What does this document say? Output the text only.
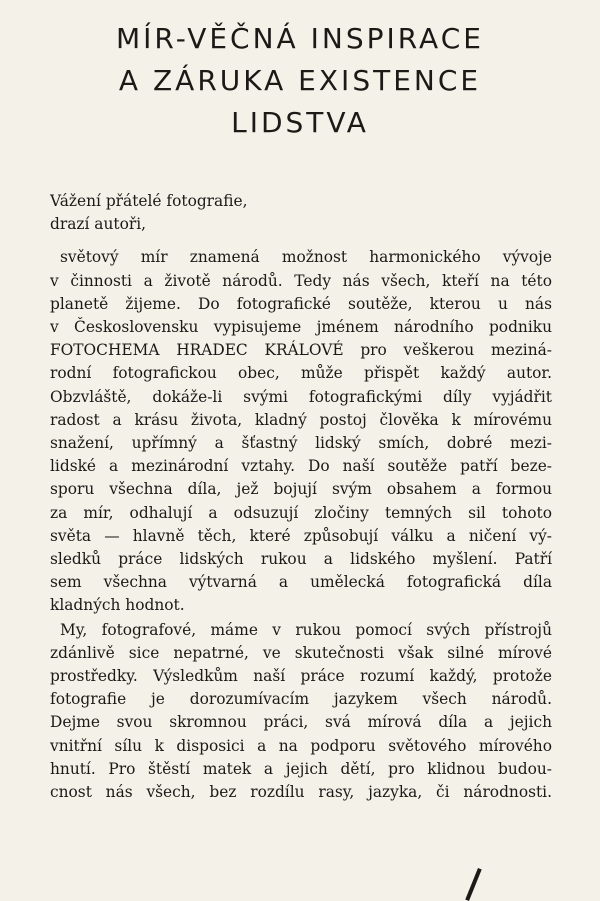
MÍR-VĚČNÁ INSPIRACE
A ZÁRUKA EXISTENCE
LIDSTVA

Vážení přátelé fotografie,

drazí autoři,

světový mír znamená možnost harmonického vývoje
v činnosti a životě národů. Tedy nás všech, kteří na této
planetě žijeme. Do fotografické soutěže, kterou u nás
v Československu vypisujeme jménem národního podniku
FOTOCHEMA HRADEC KRÁLOVÉ pro veškerou meziná-
rodní fotografickou obec, může přispět každý autor.
Obzvláště, dokáže-li svými fotografickými díly vyjádřit
radost a krásu života, kladný postoj člověka k mírovému
snažení, upřímný a šťastný lidský smích, dobré mezi-
lidské a mezinárodní vztahy. Do naší soutěže patří beze-
sporu všechna díla, jež bojují svým obsahem a formou
za mír, odhalují a odsuzují zločiny temných sil tohoto
světa — hlavně těch, které způsobují válku a ničení vý-
sledků práce lidských rukou a lidského myšlení. Patří
sem všechna výtvarná a umělecká fotografická díla
kladných hodnot.

My, fotografové, máme v rukou pomocí svých přístrojů
zdánlivě sice nepatrné, ve skutečnosti však silné mírové
prostředky. Výsledkům naší práce rozumí každý, protože
fotografie je dorozumívacím jazykem všech národů.
Dejme svou skromnou práci, svá mírová díla a jejich
vnitřní sílu k disposici a na podporu světového mírového
hnutí. Pro štěstí matek a jejich dětí, pro klidnou budou-
cnost nás všech, bez rozdílu rasy, jazyka, či národnosti.
